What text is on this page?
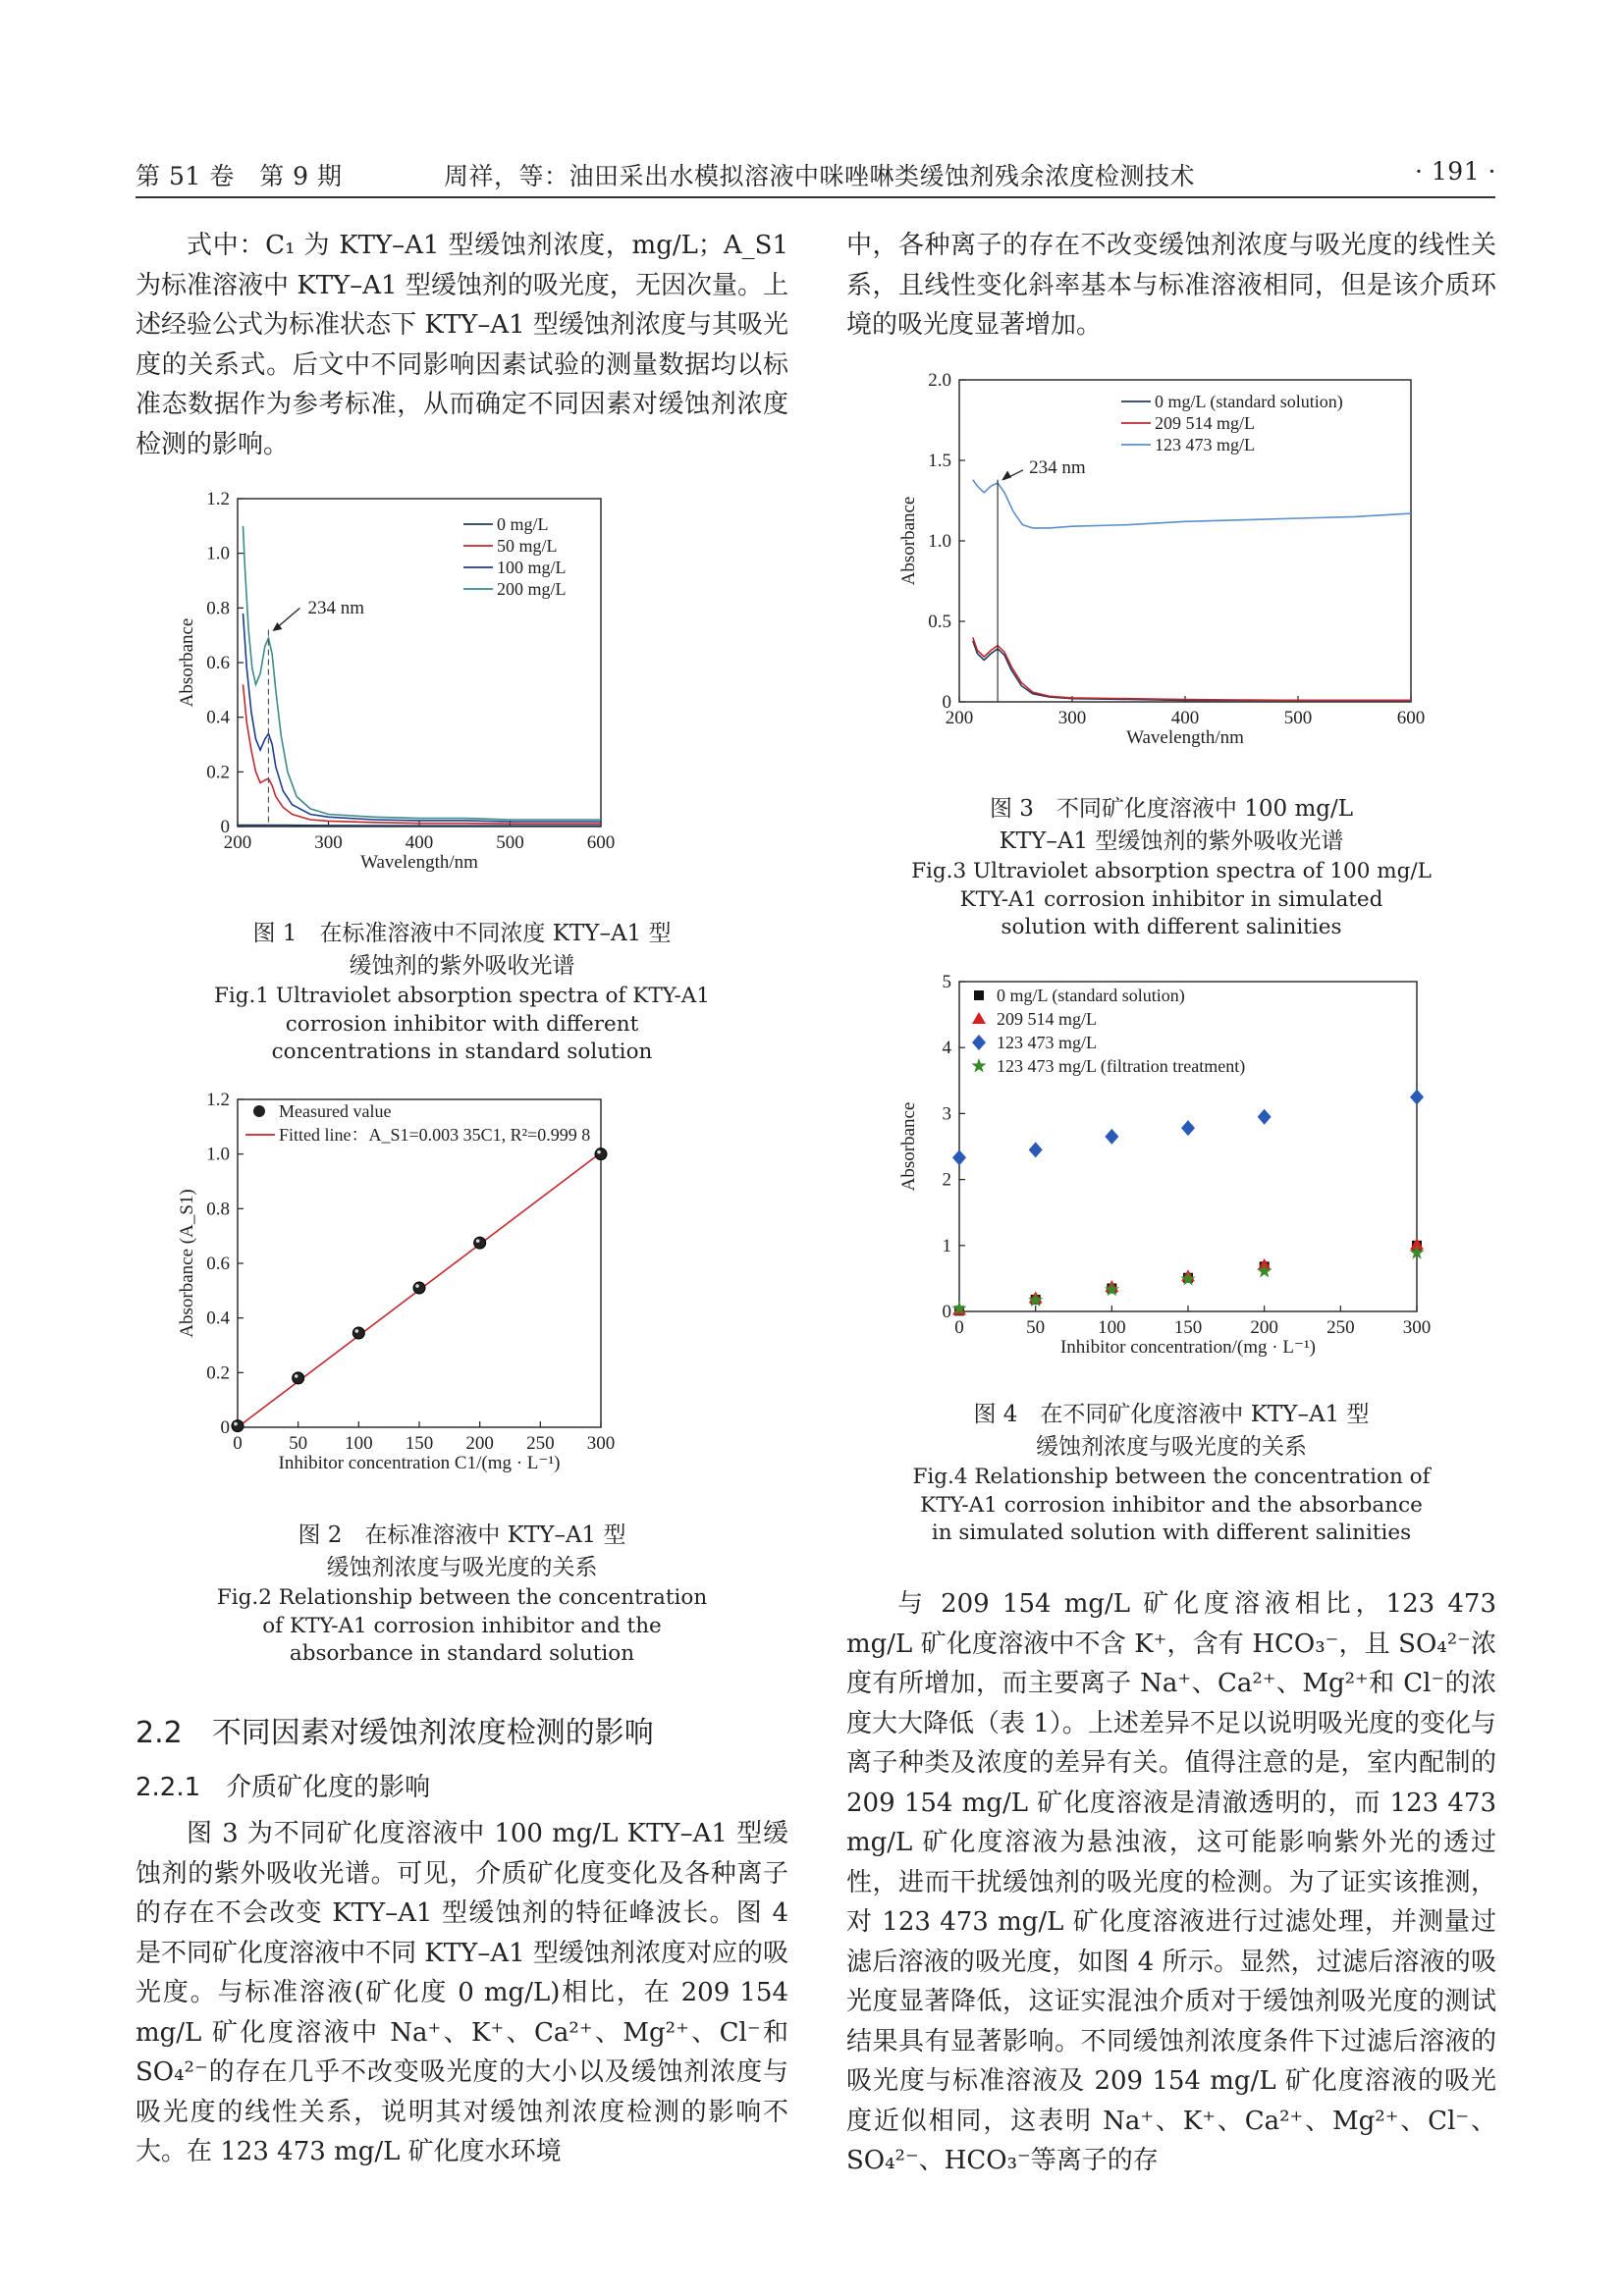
第 51 卷　第 9 期	周祥，等：油田采出水模拟溶液中咪唑啉类缓蚀剂残余浓度检测技术	· 191 ·

式中：C₁ 为 KTY–A1 型缓蚀剂浓度，mg/L；A_S1 为标准溶液中 KTY–A1 型缓蚀剂的吸光度，无因次量。上述经验公式为标准状态下 KTY–A1 型缓蚀剂浓度与其吸光度的关系式。后文中不同影响因素试验的测量数据均以标准态数据作为参考标准，从而确定不同因素对缓蚀剂浓度检测的影响。

200	300	400	500	600
0
0.2
0.4
0.6
0.8
1.0
1.2
Wavelength/nm
Absorbance
234 nm
0 mg/L
50 mg/L
100 mg/L
200 mg/L
图 1　在标准溶液中不同浓度 KTY–A1 型
缓蚀剂的紫外吸收光谱
Fig.1 Ultraviolet absorption spectra of KTY-A1
corrosion inhibitor with different
concentrations in standard solution
0 50 100 150 200 250 300
0
0.2
0.4
0.6
0.8
1.0
1.2
Inhibitor concentration C1/(mg · L⁻¹)
Absorbance (A_S1)
Measured value
Fitted line：A_S1=0.003 35C1, R²=0.999 8
图 2　在标准溶液中 KTY–A1 型
缓蚀剂浓度与吸光度的关系
Fig.2 Relationship between the concentration
of KTY-A1 corrosion inhibitor and the
absorbance in standard solution
2.2　不同因素对缓蚀剂浓度检测的影响
2.2.1　介质矿化度的影响

图 3 为不同矿化度溶液中 100 mg/L KTY–A1 型缓蚀剂的紫外吸收光谱。可见，介质矿化度变化及各种离子的存在不会改变 KTY–A1 型缓蚀剂的特征峰波长。图 4 是不同矿化度溶液中不同 KTY–A1 型缓蚀剂浓度对应的吸光度。与标准溶液(矿化度 0 mg/L)相比，在 209 154 mg/L 矿化度溶液中 Na⁺、K⁺、Ca²⁺、Mg²⁺、Cl⁻和 SO₄²⁻的存在几乎不改变吸光度的大小以及缓蚀剂浓度与吸光度的线性关系，说明其对缓蚀剂浓度检测的影响不大。在 123 473 mg/L 矿化度水环境

中，各种离子的存在不改变缓蚀剂浓度与吸光度的线性关系，且线性变化斜率基本与标准溶液相同，但是该介质环境的吸光度显著增加。

200	300	400	500	600
0
0.5
1.0
1.5
2.0
Wavelength/nm
Absorbance
234 nm
0 mg/L (standard solution)
209 514 mg/L
123 473 mg/L
图 3　不同矿化度溶液中 100 mg/L
KTY–A1 型缓蚀剂的紫外吸收光谱
Fig.3 Ultraviolet absorption spectra of 100 mg/L
KTY-A1 corrosion inhibitor in simulated
solution with different salinities
0	50	100	150	200	250	300
0
1
2
3
4
5
Inhibitor concentration/(mg · L⁻¹)
Absorbance
0 mg/L (standard solution)
209 514 mg/L
123 473 mg/L
123 473 mg/L (filtration treatment)
图 4　在不同矿化度溶液中 KTY–A1 型
缓蚀剂浓度与吸光度的关系
Fig.4 Relationship between the concentration of
KTY-A1 corrosion inhibitor and the absorbance
in simulated solution with different salinities

与 209 154 mg/L 矿化度溶液相比，123 473 mg/L 矿化度溶液中不含 K⁺，含有 HCO₃⁻，且 SO₄²⁻浓度有所增加，而主要离子 Na⁺、Ca²⁺、Mg²⁺和 Cl⁻的浓度大大降低（表 1）。上述差异不足以说明吸光度的变化与离子种类及浓度的差异有关。值得注意的是，室内配制的 209 154 mg/L 矿化度溶液是清澈透明的，而 123 473 mg/L 矿化度溶液为悬浊液，这可能影响紫外光的透过性，进而干扰缓蚀剂的吸光度的检测。为了证实该推测，对 123 473 mg/L 矿化度溶液进行过滤处理，并测量过滤后溶液的吸光度，如图 4 所示。显然，过滤后溶液的吸光度显著降低，这证实混浊介质对于缓蚀剂吸光度的测试结果具有显著影响。不同缓蚀剂浓度条件下过滤后溶液的吸光度与标准溶液及 209 154 mg/L 矿化度溶液的吸光度近似相同，这表明 Na⁺、K⁺、Ca²⁺、Mg²⁺、Cl⁻、SO₄²⁻、HCO₃⁻等离子的存
